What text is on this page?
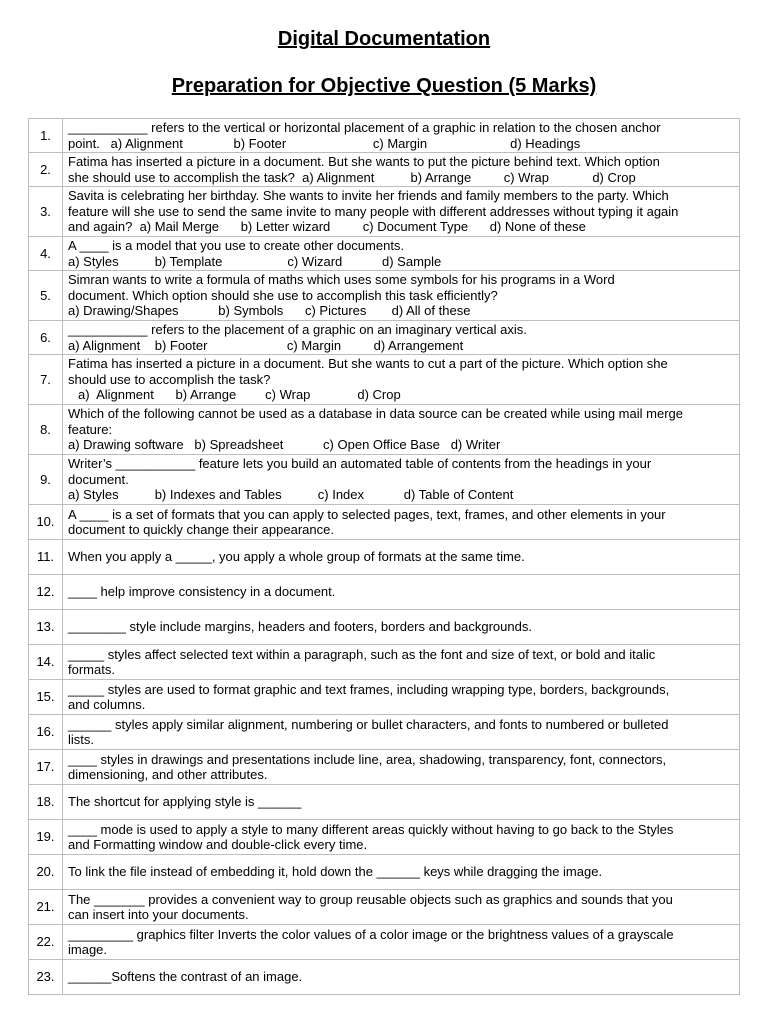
Digital Documentation
Preparation for Objective Question (5 Marks)
1.	___________ refers to the vertical or horizontal placement of a graphic in relation to the chosen anchor
point.   a) Alignment              b) Footer                        c) Margin                       d) Headings

2.	Fatima has inserted a picture in a document. But she wants to put the picture behind text. Which option
she should use to accomplish the task?  a) Alignment          b) Arrange         c) Wrap            d) Crop

3.	Savita is celebrating her birthday. She wants to invite her friends and family members to the party. Which
feature will she use to send the same invite to many people with different addresses without typing it again
and again?  a) Mail Merge      b) Letter wizard         c) Document Type      d) None of these

4.	A ____ is a model that you use to create other documents.
a) Styles          b) Template                  c) Wizard           d) Sample

5.	Simran wants to write a formula of maths which uses some symbols for his programs in a Word
document. Which option should she use to accomplish this task efficiently?
a) Drawing/Shapes           b) Symbols      c) Pictures       d) All of these

6.	___________ refers to the placement of a graphic on an imaginary vertical axis.
a) Alignment    b) Footer                      c) Margin         d) Arrangement

7.	Fatima has inserted a picture in a document. But she wants to cut a part of the picture. Which option she
should use to accomplish the task?
a)  Alignment      b) Arrange        c) Wrap             d) Crop

8.	Which of the following cannot be used as a database in data source can be created while using mail merge
feature:
a) Drawing software   b) Spreadsheet           c) Open Office Base   d) Writer

9.	Writer’s ___________ feature lets you build an automated table of contents from the headings in your
document.
a) Styles          b) Indexes and Tables          c) Index           d) Table of Content

10.	A ____ is a set of formats that you can apply to selected pages, text, frames, and other elements in your
document to quickly change their appearance.

11.	When you apply a _____, you apply a whole group of formats at the same time.

12.	____ help improve consistency in a document.

13.	________ style include margins, headers and footers, borders and backgrounds.

14.	_____ styles affect selected text within a paragraph, such as the font and size of text, or bold and italic
formats.

15.	_____ styles are used to format graphic and text frames, including wrapping type, borders, backgrounds,
and columns.

16.	______ styles apply similar alignment, numbering or bullet characters, and fonts to numbered or bulleted
lists.

17.	____ styles in drawings and presentations include line, area, shadowing, transparency, font, connectors,
dimensioning, and other attributes.

18.	The shortcut for applying style is ______

19.	____ mode is used to apply a style to many different areas quickly without having to go back to the Styles
and Formatting window and double-click every time.

20.	To link the file instead of embedding it, hold down the ______ keys while dragging the image.

21.	The _______ provides a convenient way to group reusable objects such as graphics and sounds that you
can insert into your documents.

22.	_________ graphics filter Inverts the color values of a color image or the brightness values of a grayscale
image.

23.	______Softens the contrast of an image.
